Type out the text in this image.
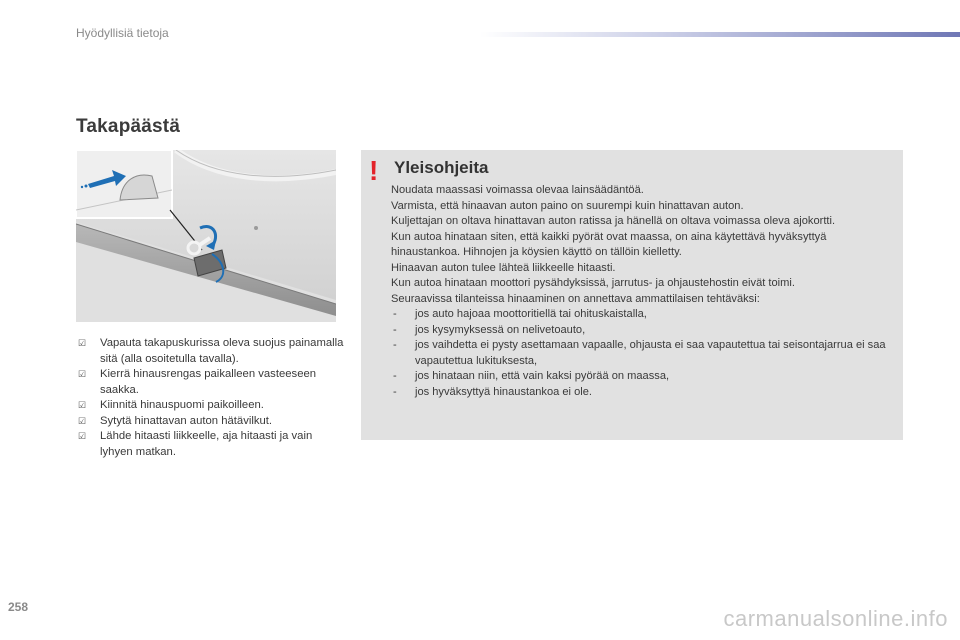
Hyödyllisiä tietoja
Takapäästä
☑ Vapauta takapuskurissa oleva suojus painamalla sitä (alla osoitetulla tavalla).
☑ Kierrä hinausrengas paikalleen vasteeseen saakka.
☑ Kiinnitä hinauspuomi paikoilleen.
☑ Sytytä hinattavan auton hätävilkut.
☑ Lähde hitaasti liikkeelle, aja hitaasti ja vain lyhyen matkan.
! Yleisohjeita

Noudata maassasi voimassa olevaa lainsäädäntöä.

Varmista, että hinaavan auton paino on suurempi kuin hinattavan auton.

Kuljettajan on oltava hinattavan auton ratissa ja hänellä on oltava voimassa oleva ajokortti.

Kun autoa hinataan siten, että kaikki pyörät ovat maassa, on aina käytettävä hyväksyttyä hinaustankoa. Hihnojen ja köysien käyttö on tällöin kielletty.

Hinaavan auton tulee lähteä liikkeelle hitaasti.

Kun autoa hinataan moottori pysähdyksissä, jarrutus- ja ohjaustehostin eivät toimi.

Seuraavissa tilanteissa hinaaminen on annettava ammattilaisen tehtäväksi:

- jos auto hajoaa moottoritiellä tai ohituskaistalla,
- jos kysymyksessä on nelivetoauto,
- jos vaihdetta ei pysty asettamaan vapaalle, ohjausta ei saa vapautettua tai seisontajarrua ei saa vapautettua lukituksesta,
- jos hinataan niin, että vain kaksi pyörää on maassa,
- jos hyväksyttyä hinaustankoa ei ole.
258	carmanualsonline.info
